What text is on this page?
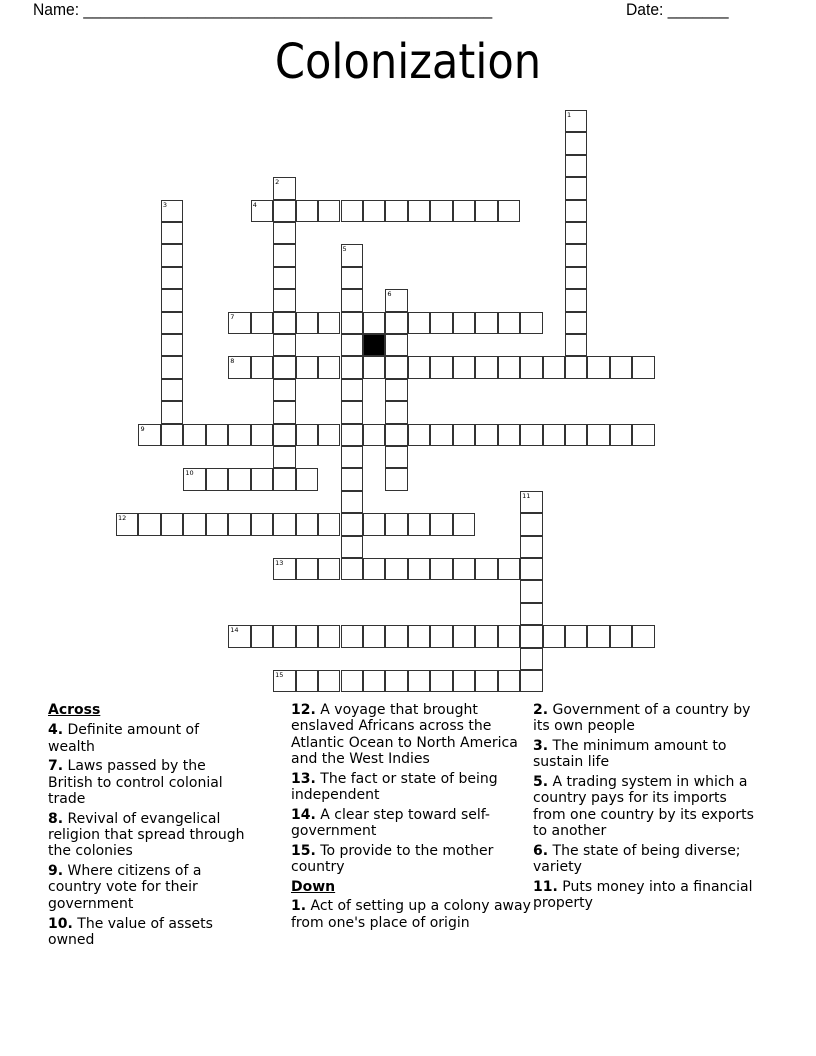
Name: _______________________________________________	Date: _______
Colonization
1
2
3	4
5
6
7
8
9
10
11
12
13
14
15
Across
4. Definite amount of wealth
7. Laws passed by the British to control colonial trade
8. Revival of evangelical religion that spread through the colonies
9. Where citizens of a country vote for their government
10. The value of assets owned
12. A voyage that brought enslaved Africans across the Atlantic Ocean to North America and the West Indies
13. The fact or state of being independent
14. A clear step toward self-government
15. To provide to the mother country
Down
1. Act of setting up a colony away from one's place of origin
2. Government of a country by its own people
3. The minimum amount to sustain life
5. A trading system in which a country pays for its imports from one country by its exports to another
6. The state of being diverse; variety
11. Puts money into a financial property
